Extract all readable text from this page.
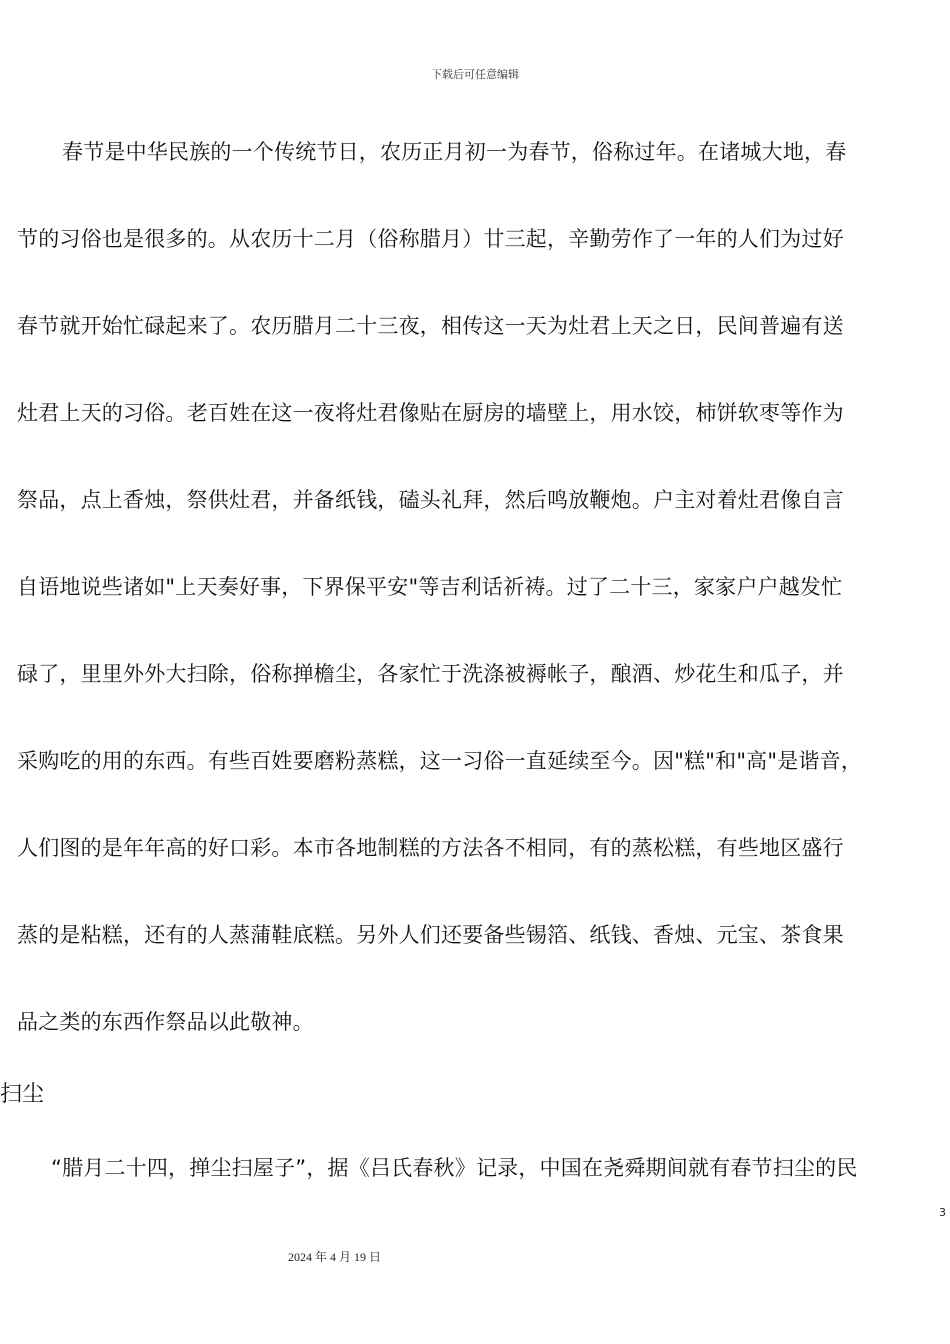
下载后可任意编辑
春节是中华民族的一个传统节日，农历正月初一为春节，俗称过年。在诸城大地，春
节的习俗也是很多的。从农历十二月（俗称腊月）廿三起，辛勤劳作了一年的人们为过好
春节就开始忙碌起来了。农历腊月二十三夜，相传这一天为灶君上天之日，民间普遍有送
灶君上天的习俗。老百姓在这一夜将灶君像贴在厨房的墙壁上，用水饺，柿饼软枣等作为
祭品，点上香烛，祭供灶君，并备纸钱，磕头礼拜，然后鸣放鞭炮。户主对着灶君像自言
自语地说些诸如"上天奏好事，下界保平安"等吉利话祈祷。过了二十三，家家户户越发忙
碌了，里里外外大扫除，俗称掸檐尘，各家忙于洗涤被褥帐子，酿酒、炒花生和瓜子，并
采购吃的用的东西。有些百姓要磨粉蒸糕，这一习俗一直延续至今。因"糕"和"高"是谐音，
人们图的是年年高的好口彩。本市各地制糕的方法各不相同，有的蒸松糕，有些地区盛行
蒸的是粘糕，还有的人蒸蒲鞋底糕。另外人们还要备些锡箔、纸钱、香烛、元宝、茶食果
品之类的东西作祭品以此敬神。
扫尘
“腊月二十四，掸尘扫屋子”，据《吕氏春秋》记录，中国在尧舜期间就有春节扫尘的民
3
2024 年 4 月 19 日
